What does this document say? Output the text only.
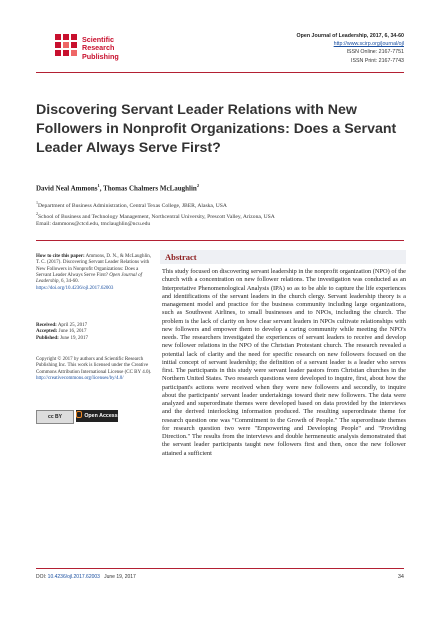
Scientific
Research
Publishing
Open Journal of Leadership, 2017, 6, 34-60
http://www.scirp.org/journal/ojl
ISSN Online: 2167-7751
ISSN Print: 2167-7743
Discovering Servant Leader Relations with New Followers in Nonprofit Organizations: Does a Servant Leader Always Serve First?
David Neal Ammons$^1$, Thomas Chalmers McLaughlin$^2$
$^1$Department of Business Administration, Central Texas College, JBER, Alaska, USA
$^2$School of Business and Technology Management, Northcentral University, Prescott Valley, Arizona, USA
Email: dammons@ctcd.edu, tmclaughlin@ncu.edu
How to cite this paper: Ammons, D. N., & McLaughlin, T. C. (2017). Discovering Servant Leader Relations with New Followers in Nonprofit Organizations: Does a Servant Leader Always Serve First? Open Journal of Leadership, 6, 34-60.
https://doi.org/10.4236/ojl.2017.62003
Received: April 25, 2017
Accepted: June 16, 2017
Published: June 19, 2017
Copyright © 2017 by authors and Scientific Research Publishing Inc. This work is licensed under the Creative Commons Attribution International License (CC BY 4.0).
http://creativecommons.org/licenses/by/4.0/
cc BY	Open Access
Abstract
This study focused on discovering servant leadership in the nonprofit organization (NPO) of the church with a concentration on new follower relations. The investigation was conducted as an Interpretative Phenomenological Analysis (IPA) so as to be able to capture the life experiences and identifications of the servant leaders in the church clergy. Servant leadership theory is a management model and practice for the business community including large organizations, such as Southwest Airlines, to small businesses and to NPOs, including the church. The problem is the lack of clarity on how clear servant leaders in NPOs cultivate relationships with new followers and empower them to develop a caring community while meeting the NPO's needs. The researchers investigated the experiences of servant leaders to receive and develop new follower relations in the NPO of the Christian Protestant church. The research revealed a potential lack of clarity and the need for specific research on new followers focused on the initial concept of servant leadership; the definition of a servant leader is a leader who serves first. The participants in this study were servant leader pastors from Christian churches in the Northern United States. Two research questions were developed to inquire, first, about how the participant's actions were received when they were new followers and secondly, to inquire about the participants' servant leader undertakings toward their new followers. The data were analyzed and superordinate themes were developed based on data provided by the interviews and the derived interlocking information produced. The resulting superordinate theme for research question one was "Commitment to the Growth of People." The superordinate themes for research question two were "Empowering and Developing People" and "Providing Direction." The results from the interviews and double hermeneutic analysis demonstrated that the servant leader participants taught new followers first and then, once the new follower attained a sufficient
DOI: 10.4236/ojl.2017.62003 June 19, 2017	34
